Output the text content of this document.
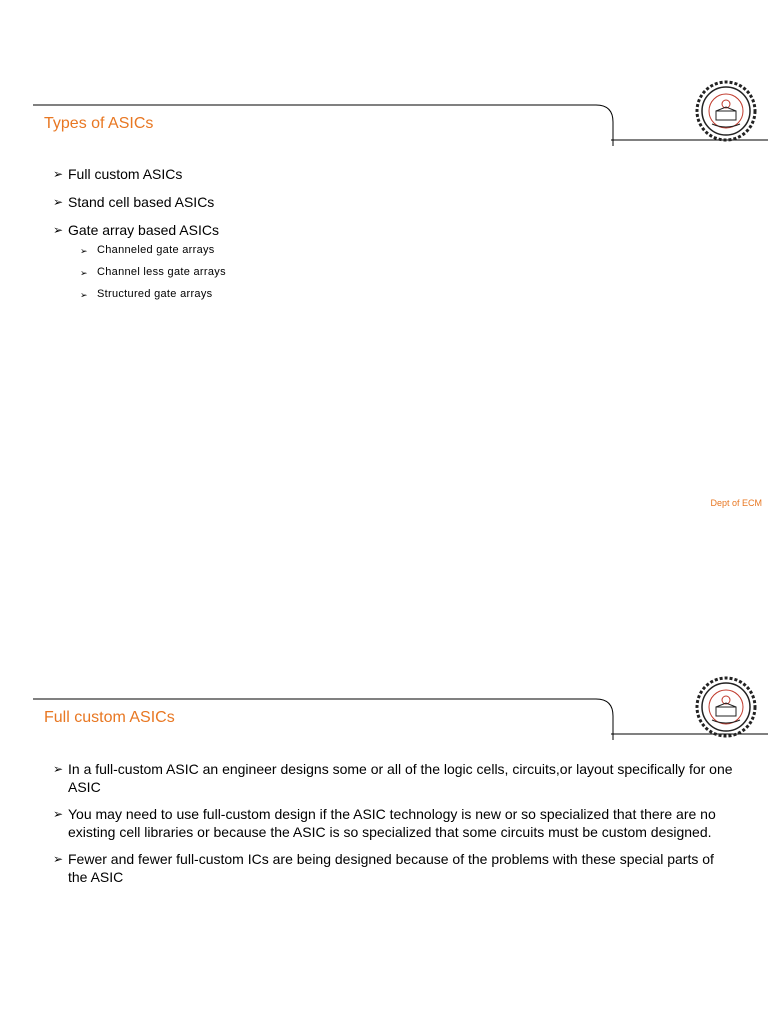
Types of ASICs
➢ Full custom ASICs
➢ Stand cell based ASICs
➢ Gate array based ASICs
➢ Channeled gate arrays
➢ Channel less gate arrays
➢ Structured gate arrays
Dept of ECM
Full custom ASICs
➢ In a full-custom ASIC an engineer designs some or all of the logic cells, circuits,or layout specifically for one ASIC
➢ You may need to use full-custom design if the ASIC technology is new or so specialized that there are no existing cell libraries or because the ASIC is so specialized that some circuits must be custom designed.
➢ Fewer and fewer full-custom ICs are being designed because of the problems with these special parts of the ASIC
